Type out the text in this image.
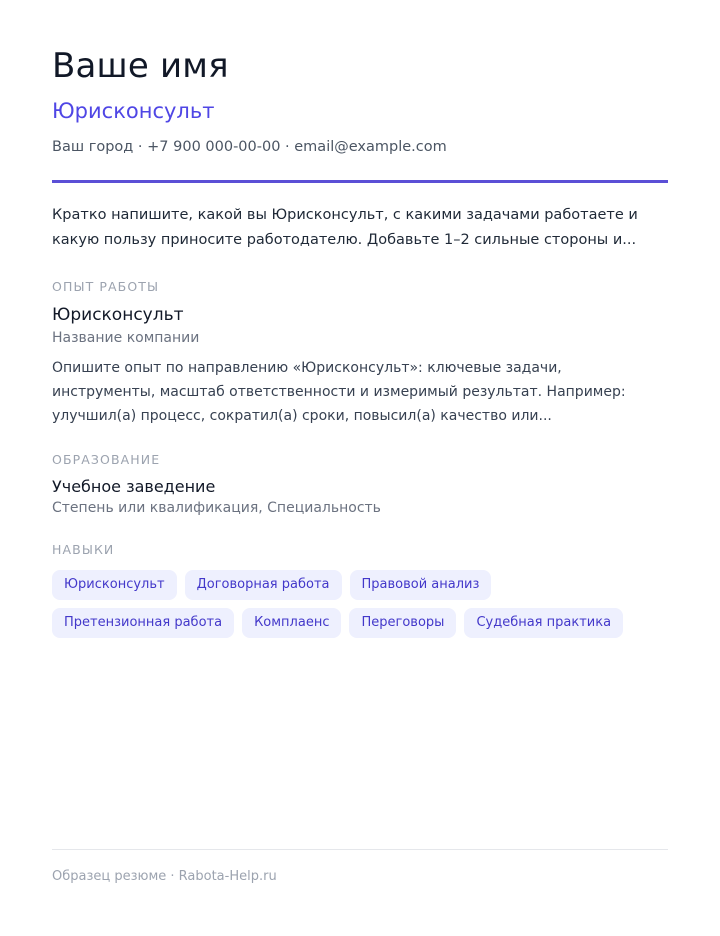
Ваше имя
Юрисконсульт
Ваш город · +7 900 000-00-00 · email@example.com
Кратко напишите, какой вы Юрисконсульт, с какими задачами работаете и какую пользу приносите работодателю. Добавьте 1–2 сильные стороны и...
ОПЫТ РАБОТЫ
Юрисконсульт
Название компании
Опишите опыт по направлению «Юрисконсульт»: ключевые задачи, инструменты, масштаб ответственности и измеримый результат. Например: улучшил(а) процесс, сократил(а) сроки, повысил(а) качество или...
ОБРАЗОВАНИЕ
Учебное заведение
Степень или квалификация, Специальность
НАВЫКИ
Юрисконсульт	Договорная работа	Правовой анализ
Претензионная работа	Комплаенс	Переговоры	Судебная практика
Образец резюме · Rabota-Help.ru
